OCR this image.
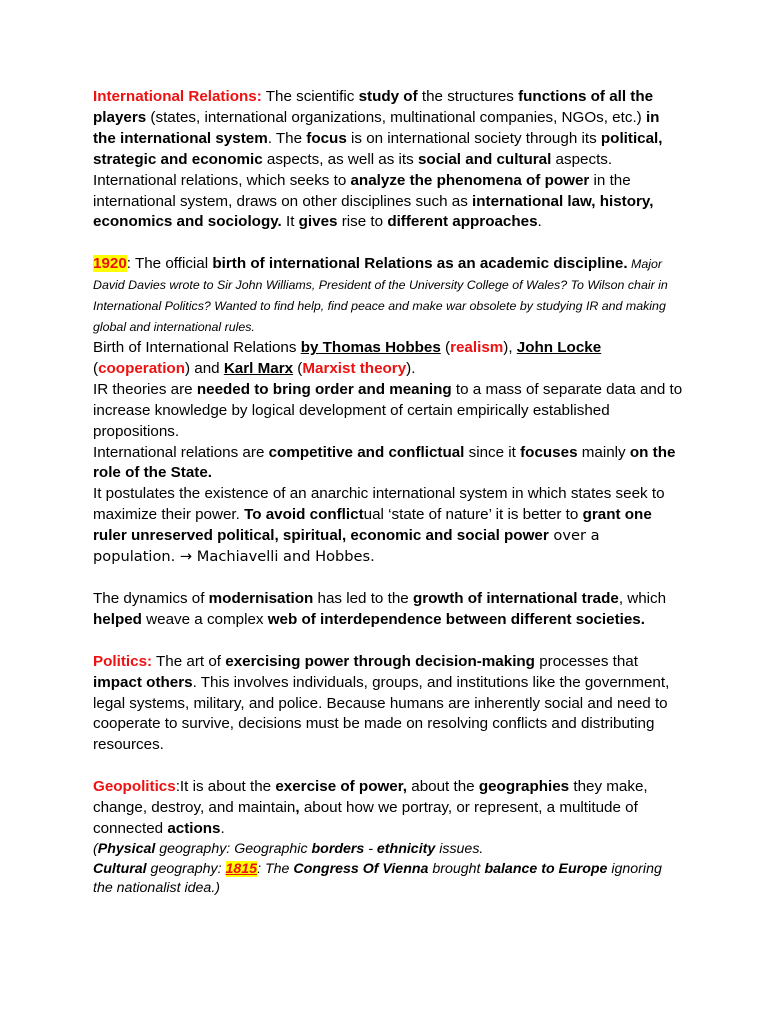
International Relations: The scientific study of the structures functions of all the players (states, international organizations, multinational companies, NGOs, etc.) in the international system. The focus is on international society through its political, strategic and economic aspects, as well as its social and cultural aspects. International relations, which seeks to analyze the phenomena of power in the international system, draws on other disciplines such as international law, history, economics and sociology. It gives rise to different approaches.

1920: The official birth of international Relations as an academic discipline. Major David Davies wrote to Sir John Williams, President of the University College of Wales? To Wilson chair in International Politics? Wanted to find help, find peace and make war obsolete by studying IR and making global and international rules.

Birth of International Relations by Thomas Hobbes (realism), John Locke (cooperation) and Karl Marx (Marxist theory).

IR theories are needed to bring order and meaning to a mass of separate data and to increase knowledge by logical development of certain empirically established propositions.

International relations are competitive and conflictual since it focuses mainly on the role of the State.

It postulates the existence of an anarchic international system in which states seek to maximize their power. To avoid conflictual ‘state of nature’ it is better to grant one ruler unreserved political, spiritual, economic and social power over a population. → Machiavelli and Hobbes.

The dynamics of modernisation has led to the growth of international trade, which helped weave a complex web of interdependence between different societies.

Politics: The art of exercising power through decision-making processes that impact others. This involves individuals, groups, and institutions like the government, legal systems, military, and police. Because humans are inherently social and need to cooperate to survive, decisions must be made on resolving conflicts and distributing resources.

Geopolitics:It is about the exercise of power, about the geographies they make, change, destroy, and maintain, about how we portray, or represent, a multitude of connected actions.

(Physical geography: Geographic borders - ethnicity issues.

Cultural geography: 1815: The Congress Of Vienna brought balance to Europe ignoring the nationalist idea.)
